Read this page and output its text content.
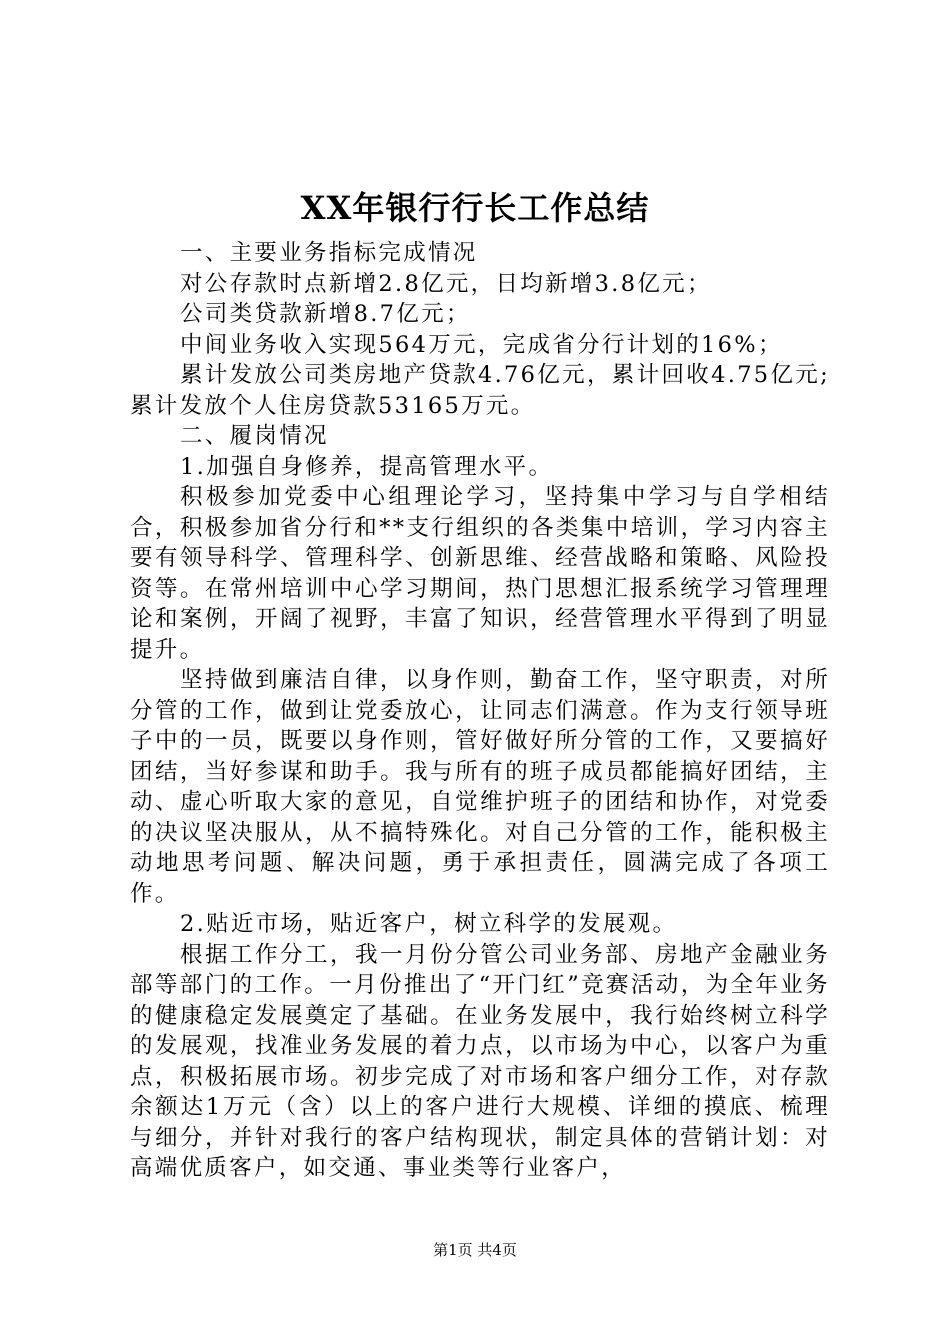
XX年银行行长工作总结

一、主要业务指标完成情况

对公存款时点新增2.8亿元，日均新增3.8亿元；

公司类贷款新增8.7亿元；

中间业务收入实现564万元，完成省分行计划的16%；

累计发放公司类房地产贷款4.76亿元，累计回收4.75亿元;累计发放个人住房贷款53165万元。

二、履岗情况

1.加强自身修养，提高管理水平。

积极参加党委中心组理论学习，坚持集中学习与自学相结合，积极参加省分行和**支行组织的各类集中培训，学习内容主要有领导科学、管理科学、创新思维、经营战略和策略、风险投资等。在常州培训中心学习期间，热门思想汇报系统学习管理理论和案例，开阔了视野，丰富了知识，经营管理水平得到了明显提升。

坚持做到廉洁自律，以身作则，勤奋工作，坚守职责，对所分管的工作，做到让党委放心，让同志们满意。作为支行领导班子中的一员，既要以身作则，管好做好所分管的工作，又要搞好团结，当好参谋和助手。我与所有的班子成员都能搞好团结，主动、虚心听取大家的意见，自觉维护班子的团结和协作，对党委的决议坚决服从，从不搞特殊化。对自己分管的工作，能积极主动地思考问题、解决问题，勇于承担责任，圆满完成了各项工作。

2.贴近市场，贴近客户，树立科学的发展观。

根据工作分工，我一月份分管公司业务部、房地产金融业务部等部门的工作。一月份推出了“开门红”竞赛活动，为全年业务的健康稳定发展奠定了基础。在业务发展中，我行始终树立科学的发展观，找准业务发展的着力点，以市场为中心，以客户为重点，积极拓展市场。初步完成了对市场和客户细分工作，对存款余额达1万元（含）以上的客户进行大规模、详细的摸底、梳理与细分，并针对我行的客户结构现状，制定具体的营销计划：对高端优质客户，如交通、事业类等行业客户，

第1页 共4页
